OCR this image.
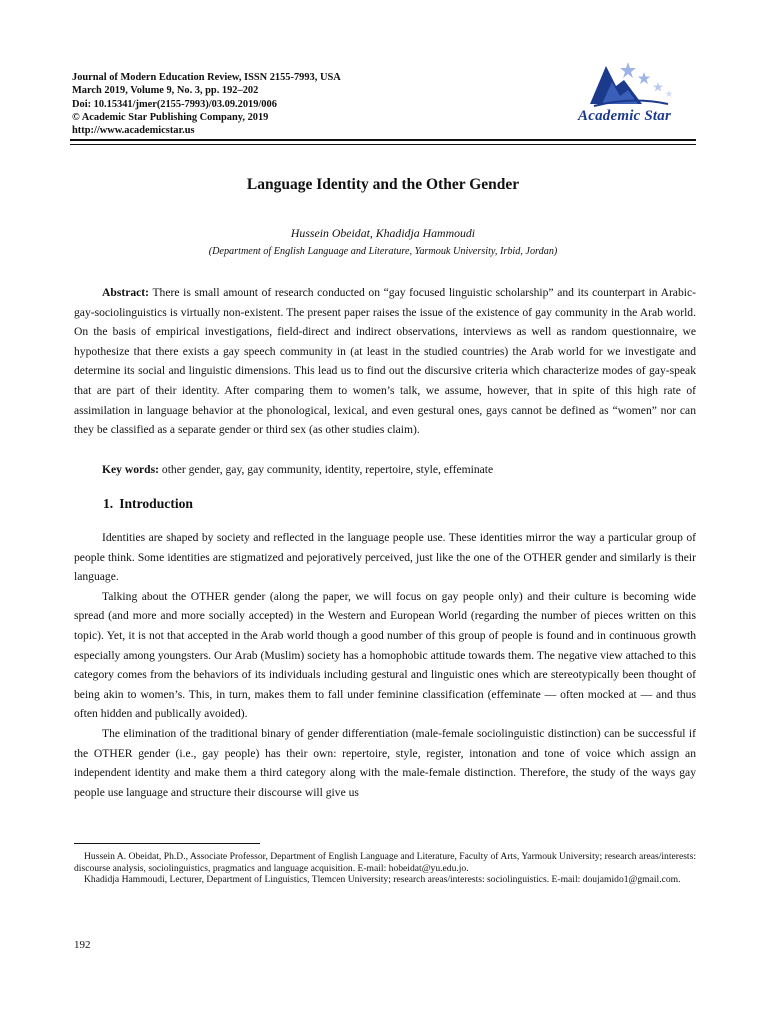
Journal of Modern Education Review, ISSN 2155-7993, USA
March 2019, Volume 9, No. 3, pp. 192–202
Doi: 10.15341/jmer(2155-7993)/03.09.2019/006
© Academic Star Publishing Company, 2019
http://www.academicstar.us
Academic Star
Language Identity and the Other Gender
Hussein Obeidat, Khadidja Hammoudi
(Department of English Language and Literature, Yarmouk University, Irbid, Jordan)

Abstract: There is small amount of research conducted on “gay focused linguistic scholarship” and its counterpart in Arabic-gay-sociolinguistics is virtually non-existent. The present paper raises the issue of the existence of gay community in the Arab world. On the basis of empirical investigations, field-direct and indirect observations, interviews as well as random questionnaire, we hypothesize that there exists a gay speech community in (at least in the studied countries) the Arab world for we investigate and determine its social and linguistic dimensions. This lead us to find out the discursive criteria which characterize modes of gay-speak that are part of their identity. After comparing them to women’s talk, we assume, however, that in spite of this high rate of assimilation in language behavior at the phonological, lexical, and even gestural ones, gays cannot be defined as “women” nor can they be classified as a separate gender or third sex (as other studies claim).

Key words: other gender, gay, gay community, identity, repertoire, style, effeminate
1. Introduction

Identities are shaped by society and reflected in the language people use. These identities mirror the way a particular group of people think. Some identities are stigmatized and pejoratively perceived, just like the one of the OTHER gender and similarly is their language.

Talking about the OTHER gender (along the paper, we will focus on gay people only) and their culture is becoming wide spread (and more and more socially accepted) in the Western and European World (regarding the number of pieces written on this topic). Yet, it is not that accepted in the Arab world though a good number of this group of people is found and in continuous growth especially among youngsters. Our Arab (Muslim) society has a homophobic attitude towards them. The negative view attached to this category comes from the behaviors of its individuals including gestural and linguistic ones which are stereotypically been thought of being akin to women’s. This, in turn, makes them to fall under feminine classification (effeminate — often mocked at — and thus often hidden and publically avoided).

The elimination of the traditional binary of gender differentiation (male-female sociolinguistic distinction) can be successful if the OTHER gender (i.e., gay people) has their own: repertoire, style, register, intonation and tone of voice which assign an independent identity and make them a third category along with the male-female distinction. Therefore, the study of the ways gay people use language and structure their discourse will give us

Hussein A. Obeidat, Ph.D., Associate Professor, Department of English Language and Literature, Faculty of Arts, Yarmouk University; research areas/interests: discourse analysis, sociolinguistics, pragmatics and language acquisition. E-mail: hobeidat@yu.edu.jo.

Khadidja Hammoudi, Lecturer, Department of Linguistics, Tlemcen University; research areas/interests: sociolinguistics. E-mail: doujamido1@gmail.com.

192
